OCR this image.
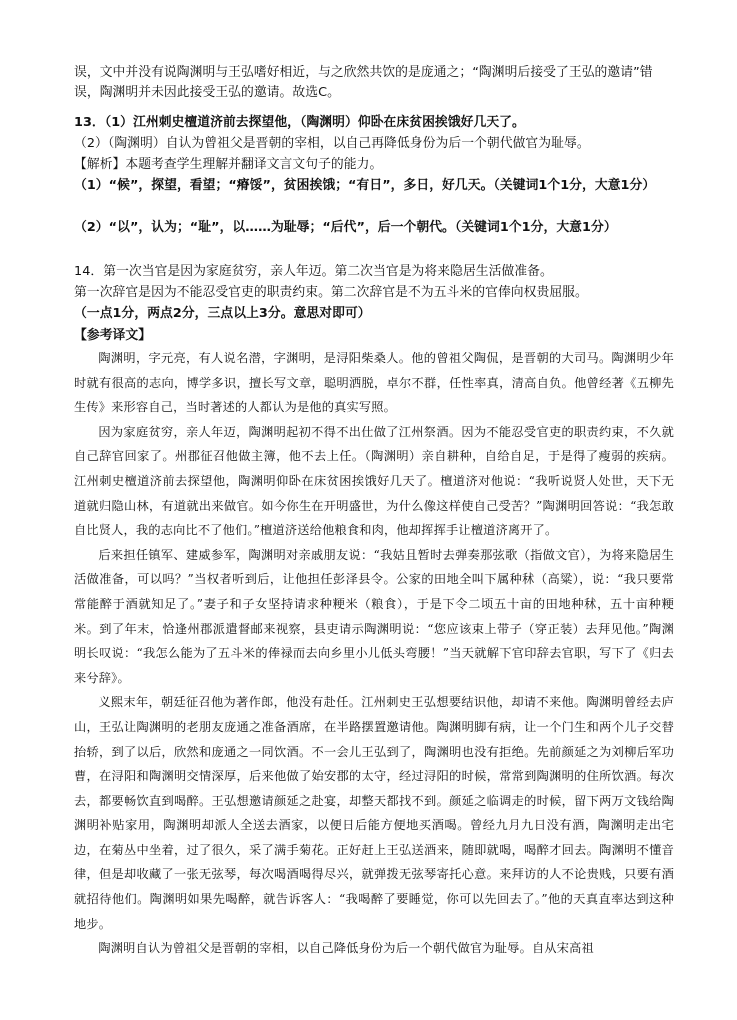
误，文中并没有说陶渊明与王弘嗜好相近，与之欣然共饮的是庞通之；“陶渊明后接受了王弘的邀请”错误，陶渊明并未因此接受王弘的邀请。故选C。

13．（1）江州刺史檀道济前去探望他，（陶渊明）仰卧在床贫困挨饿好几天了。

（2）（陶渊明）自认为曾祖父是晋朝的宰相，以自己再降低身份为后一个朝代做官为耻辱。

【解析】本题考查学生理解并翻译文言文句子的能力。

（1）“候”，探望，看望；“瘠馁”，贫困挨饿；“有日”，多日，好几天。（关键词1个1分，大意1分）

（2）“以”，认为；“耻”，以……为耻辱；“后代”，后一个朝代。（关键词1个1分，大意1分）

14．第一次当官是因为家庭贫穷，亲人年迈。第二次当官是为将来隐居生活做准备。

第一次辞官是因为不能忍受官吏的职责约束。第二次辞官是不为五斗米的官俸向权贵屈服。

（一点1分，两点2分，三点以上3分。意思对即可）

【参考译文】

陶渊明，字元亮，有人说名潜，字渊明，是浔阳柴桑人。他的曾祖父陶侃，是晋朝的大司马。陶渊明少年时就有很高的志向，博学多识，擅长写文章，聪明洒脱，卓尔不群，任性率真，清高自负。他曾经著《五柳先生传》来形容自己，当时著述的人都认为是他的真实写照。

因为家庭贫穷，亲人年迈，陶渊明起初不得不出仕做了江州祭酒。因为不能忍受官吏的职责约束，不久就自己辞官回家了。州郡征召他做主簿，他不去上任。（陶渊明）亲自耕种，自给自足，于是得了瘦弱的疾病。江州刺史檀道济前去探望他，陶渊明仰卧在床贫困挨饿好几天了。檀道济对他说：“我听说贤人处世，天下无道就归隐山林，有道就出来做官。如今你生在开明盛世，为什么像这样使自己受苦？”陶渊明回答说：“我怎敢自比贤人，我的志向比不了他们。”檀道济送给他粮食和肉，他却挥挥手让檀道济离开了。

后来担任镇军、建威参军，陶渊明对亲戚朋友说：“我姑且暂时去弹奏那弦歌（指做文官），为将来隐居生活做准备，可以吗？”当权者听到后，让他担任彭泽县令。公家的田地全叫下属种秫（高粱），说：“我只要常常能醉于酒就知足了。”妻子和子女坚持请求种粳米（粮食），于是下令二顷五十亩的田地种秫，五十亩种粳米。到了年末，恰逢州郡派遣督邮来视察，县吏请示陶渊明说：“您应该束上带子（穿正装）去拜见他。”陶渊明长叹说：“我怎么能为了五斗米的俸禄而去向乡里小儿低头弯腰！”当天就解下官印辞去官职，写下了《归去来兮辞》。

义熙末年，朝廷征召他为著作郎，他没有赴任。江州刺史王弘想要结识他，却请不来他。陶渊明曾经去庐山，王弘让陶渊明的老朋友庞通之准备酒席，在半路摆置邀请他。陶渊明脚有病，让一个门生和两个儿子交替抬轿，到了以后，欣然和庞通之一同饮酒。不一会儿王弘到了，陶渊明也没有拒绝。先前颜延之为刘柳后军功曹，在浔阳和陶渊明交情深厚，后来他做了始安郡的太守，经过浔阳的时候，常常到陶渊明的住所饮酒。每次去，都要畅饮直到喝醉。王弘想邀请颜延之赴宴，却整天都找不到。颜延之临调走的时候，留下两万文钱给陶渊明补贴家用，陶渊明却派人全送去酒家，以便日后能方便地买酒喝。曾经九月九日没有酒，陶渊明走出宅边，在菊丛中坐着，过了很久，采了满手菊花。正好赶上王弘送酒来，随即就喝，喝醉才回去。陶渊明不懂音律，但是却收藏了一张无弦琴，每次喝酒喝得尽兴，就弹拨无弦琴寄托心意。来拜访的人不论贵贱，只要有酒就招待他们。陶渊明如果先喝醉，就告诉客人：“我喝醉了要睡觉，你可以先回去了。”他的天真直率达到这种地步。

陶渊明自认为曾祖父是晋朝的宰相，以自己降低身份为后一个朝代做官为耻辱。自从宋高祖
